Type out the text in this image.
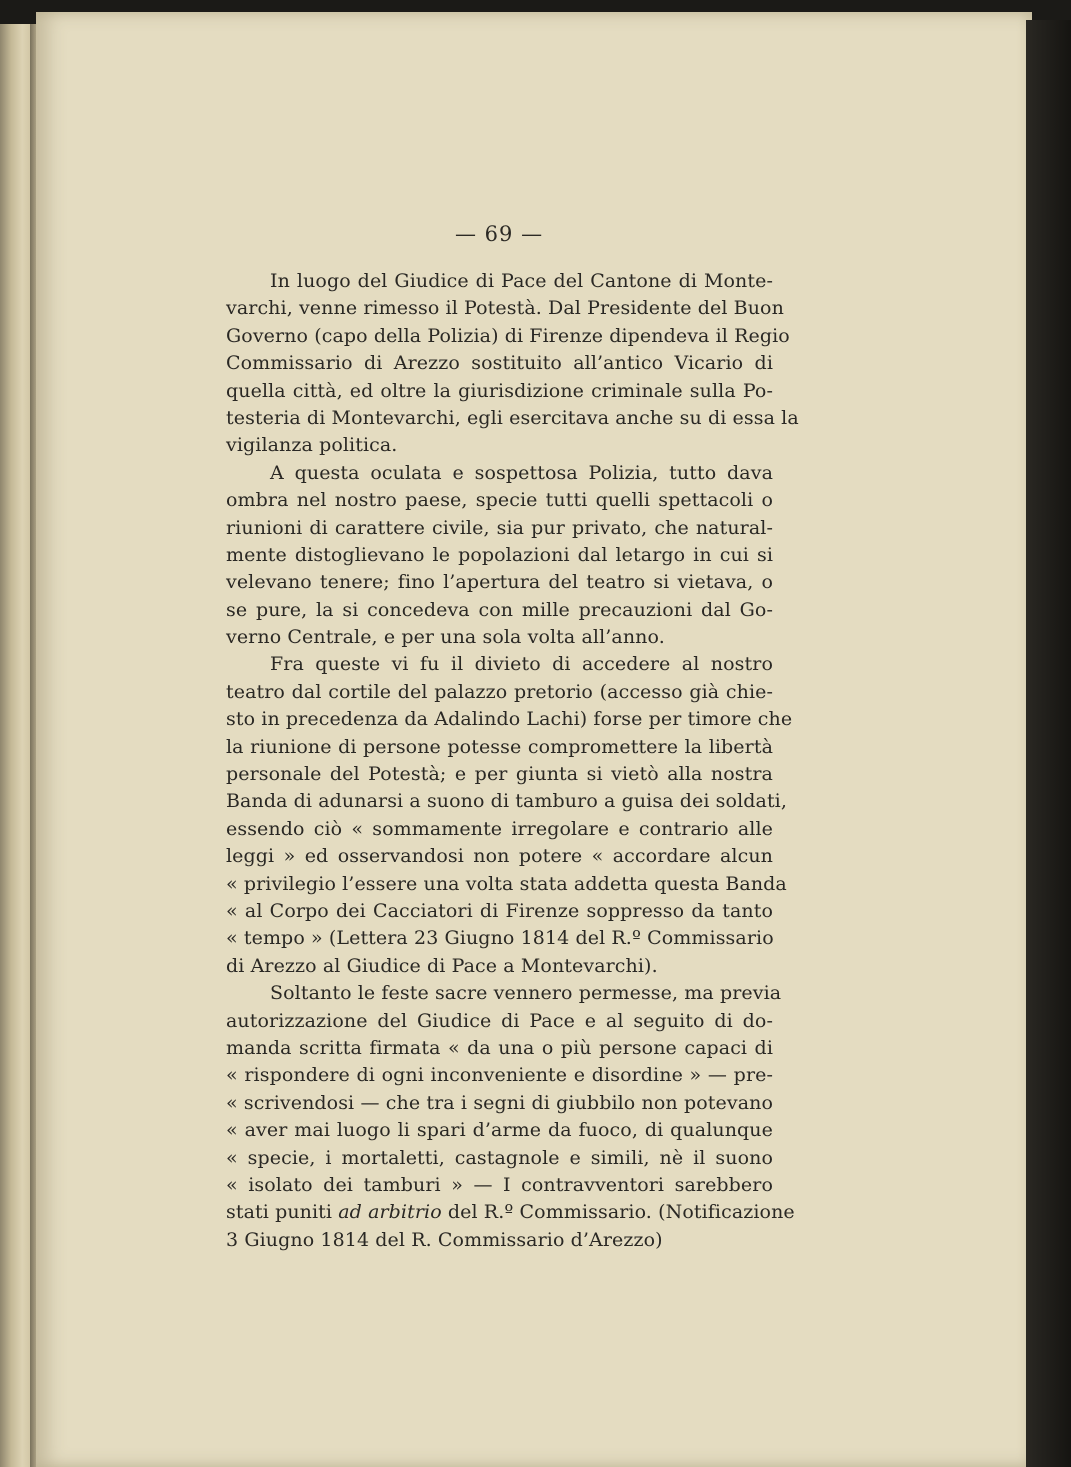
— 69 —
In luogo del Giudice di Pace del Cantone di Monte-
varchi, venne rimesso il Potestà. Dal Presidente del Buon
Governo (capo della Polizia) di Firenze dipendeva il Regio
Commissario di Arezzo sostituito all’antico Vicario di
quella città, ed oltre la giurisdizione criminale sulla Po-
testeria di Montevarchi, egli esercitava anche su di essa la
vigilanza politica.
A questa oculata e sospettosa Polizia, tutto dava
ombra nel nostro paese, specie tutti quelli spettacoli o
riunioni di carattere civile, sia pur privato, che natural-
mente distoglievano le popolazioni dal letargo in cui si
velevano tenere; fino l’apertura del teatro si vietava, o
se pure, la si concedeva con mille precauzioni dal Go-
verno Centrale, e per una sola volta all’anno.
Fra queste vi fu il divieto di accedere al nostro
teatro dal cortile del palazzo pretorio (accesso già chie-
sto in precedenza da Adalindo Lachi) forse per timore che
la riunione di persone potesse compromettere la libertà
personale del Potestà; e per giunta si vietò alla nostra
Banda di adunarsi a suono di tamburo a guisa dei soldati,
essendo ciò « sommamente irregolare e contrario alle
leggi » ed osservandosi non potere « accordare alcun
« privilegio l’essere una volta stata addetta questa Banda
« al Corpo dei Cacciatori di Firenze soppresso da tanto
« tempo » (Lettera 23 Giugno 1814 del R.º Commissario
di Arezzo al Giudice di Pace a Montevarchi).
Soltanto le feste sacre vennero permesse, ma previa
autorizzazione del Giudice di Pace e al seguito di do-
manda scritta firmata « da una o più persone capaci di
« rispondere di ogni inconveniente e disordine » — pre-
« scrivendosi — che tra i segni di giubbilo non potevano
« aver mai luogo li spari d’arme da fuoco, di qualunque
« specie, i mortaletti, castagnole e simili, nè il suono
« isolato dei tamburi » — I contravventori sarebbero
stati puniti ad arbitrio del R.º Commissario. (Notificazione
3 Giugno 1814 del R. Commissario d’Arezzo)
